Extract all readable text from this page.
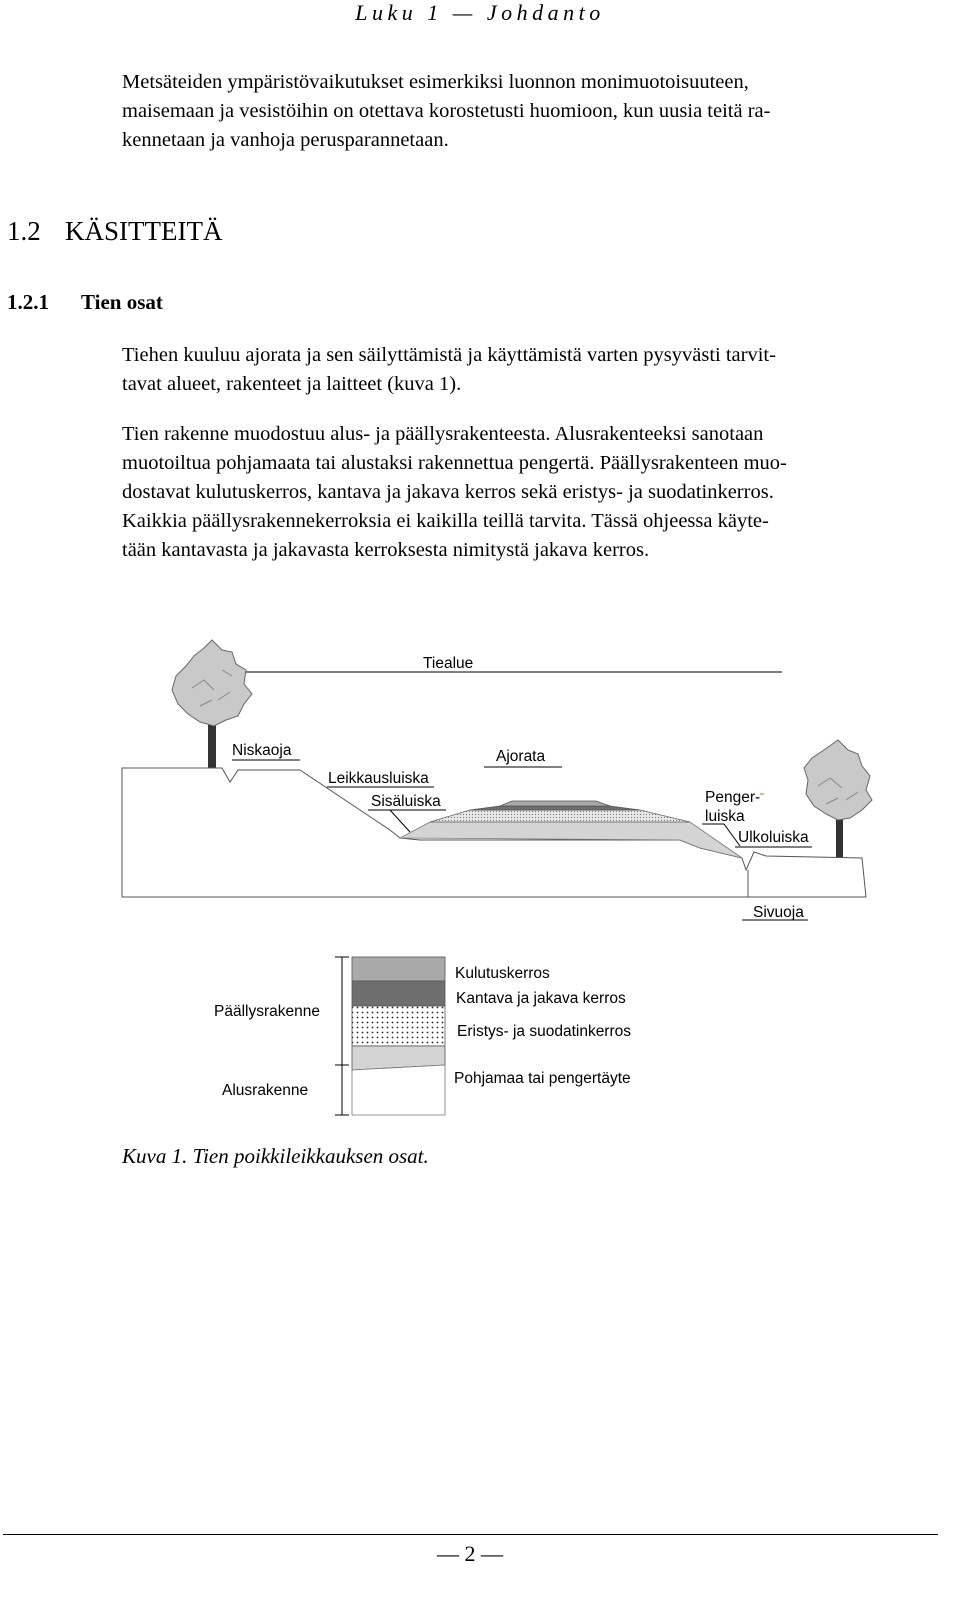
Luku 1 — Johdanto

Metsäteiden ympäristövaikutukset esimerkiksi luonnon monimuotoisuuteen,
maisemaan ja vesistöihin on otettava korostetusti huomioon, kun uusia teitä ra-
kennetaan ja vanhoja perusparannetaan.

1.2 KÄSITTEITÄ
1.2.1 Tien osat

Tiehen kuuluu ajorata ja sen säilyttämistä ja käyttämistä varten pysyvästi tarvit-
tavat alueet, rakenteet ja laitteet (kuva 1).

Tien rakenne muodostuu alus- ja päällysrakenteesta. Alusrakenteeksi sanotaan
muotoiltua pohjamaata tai alustaksi rakennettua pengertä. Päällysrakenteen muo-
dostavat kulutuskerros, kantava ja jakava kerros sekä eristys- ja suodatinkerros.
Kaikkia päällysrakennekerroksia ei kaikilla teillä tarvita. Tässä ohjeessa käyte-
tään kantavasta ja jakavasta kerroksesta nimitystä jakava kerros.

Tiealue
Niskaoja	Ajorata
Leikkausluiska
Sisäluiska	Penger-
luiska
Ulkoluiska
Sivuoja
Päällysrakenne
Alusrakenne
Kulutuskerros
Kantava ja jakava kerros
Eristys- ja suodatinkerros
Pohjamaa tai pengertäyte

Kuva 1. Tien poikkileikkauksen osat.

— 2 —
